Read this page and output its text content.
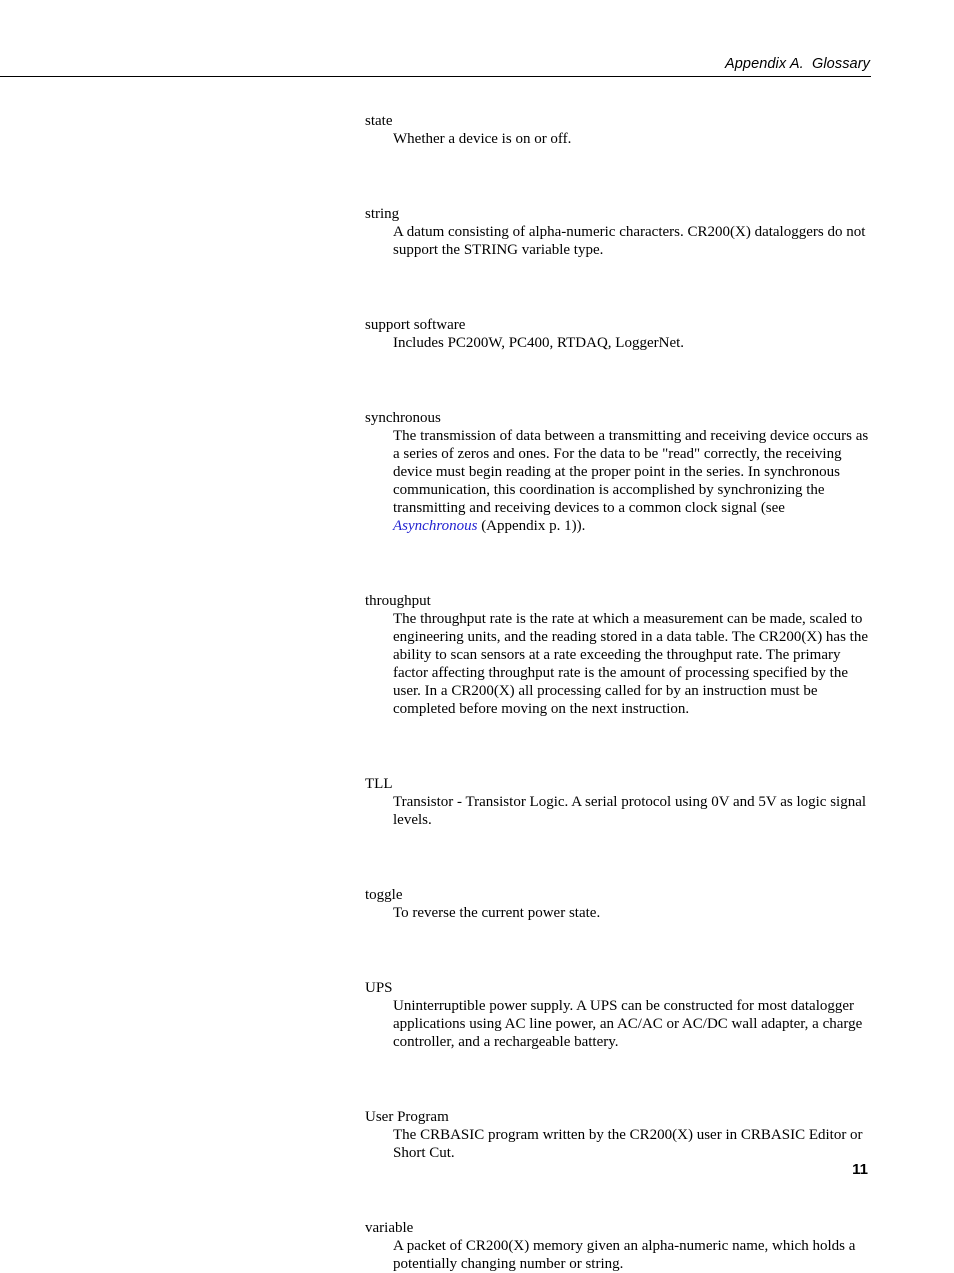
Appendix A.  Glossary
state
Whether a device is on or off.
string
A datum consisting of alpha-numeric characters. CR200(X) dataloggers do not support the STRING variable type.
support software
Includes PC200W, PC400, RTDAQ, LoggerNet.
synchronous
The transmission of data between a transmitting and receiving device occurs as a series of zeros and ones. For the data to be "read" correctly, the receiving device must begin reading at the proper point in the series. In synchronous communication, this coordination is accomplished by synchronizing the transmitting and receiving devices to a common clock signal (see Asynchronous (Appendix p. 1)).
throughput
The throughput rate is the rate at which a measurement can be made, scaled to engineering units, and the reading stored in a data table. The CR200(X) has the ability to scan sensors at a rate exceeding the throughput rate. The primary factor affecting throughput rate is the amount of processing specified by the user. In a CR200(X) all processing called for by an instruction must be completed before moving on the next instruction.
TLL
Transistor - Transistor Logic. A serial protocol using 0V and 5V as logic signal levels.
toggle
To reverse the current power state.
UPS
Uninterruptible power supply. A UPS can be constructed for most datalogger applications using AC line power, an AC/AC or AC/DC wall adapter, a charge controller, and a rechargeable battery.
User Program
The CRBASIC program written by the CR200(X) user in CRBASIC Editor or Short Cut.
variable
A packet of CR200(X) memory given an alpha-numeric name, which holds a potentially changing number or string.
11
